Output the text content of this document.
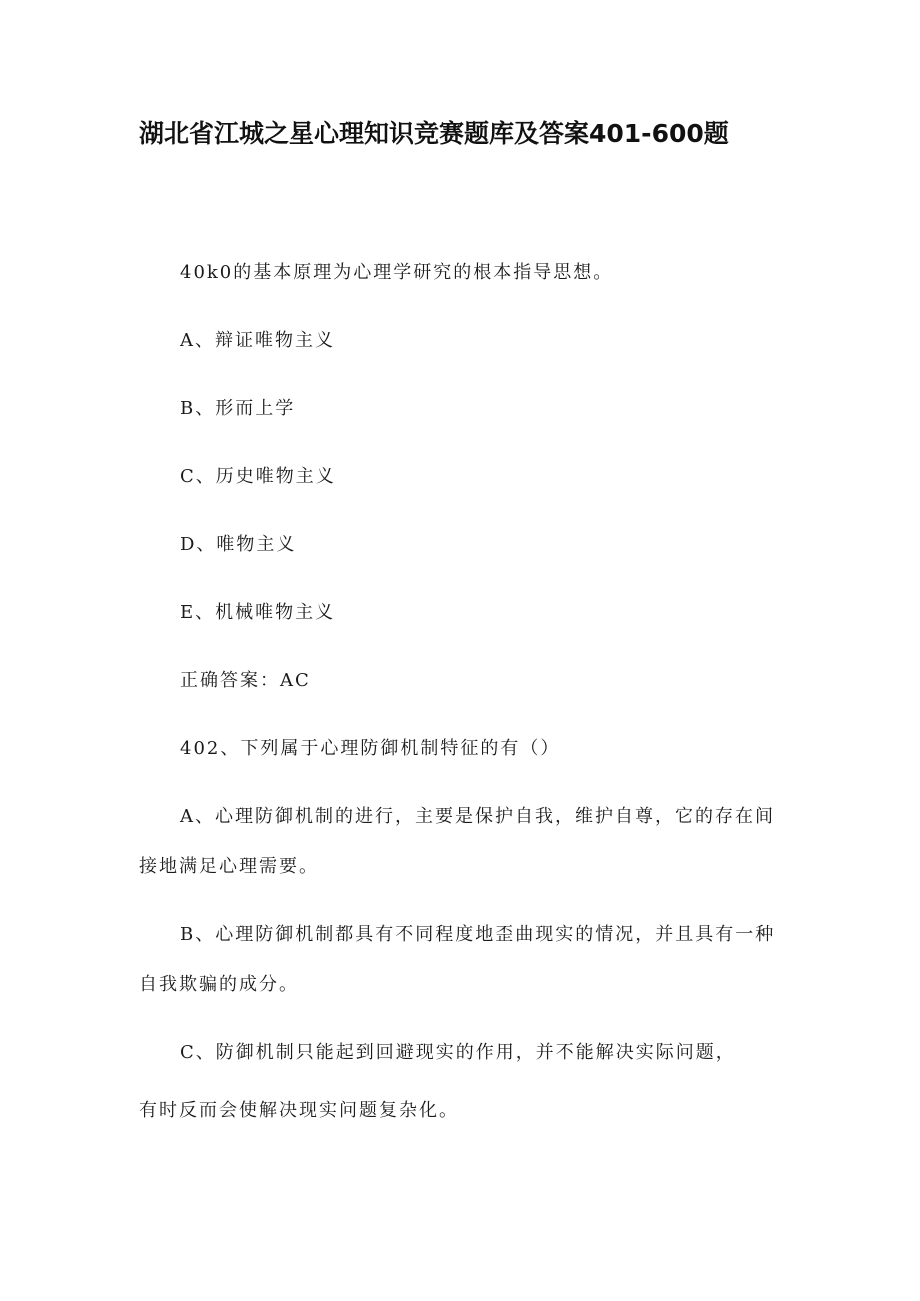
湖北省江城之星心理知识竞赛题库及答案401-600题
40k0的基本原理为心理学研究的根本指导思想。
A、辩证唯物主义
B、形而上学
C、历史唯物主义
D、唯物主义
E、机械唯物主义
正确答案：AC
402、下列属于心理防御机制特征的有（）
A、心理防御机制的进行，主要是保护自我，维护自尊，它的存在间
接地满足心理需要。
B、心理防御机制都具有不同程度地歪曲现实的情况，并且具有一种
自我欺骗的成分。
C、防御机制只能起到回避现实的作用，并不能解决实际问题，
有时反而会使解决现实问题复杂化。
